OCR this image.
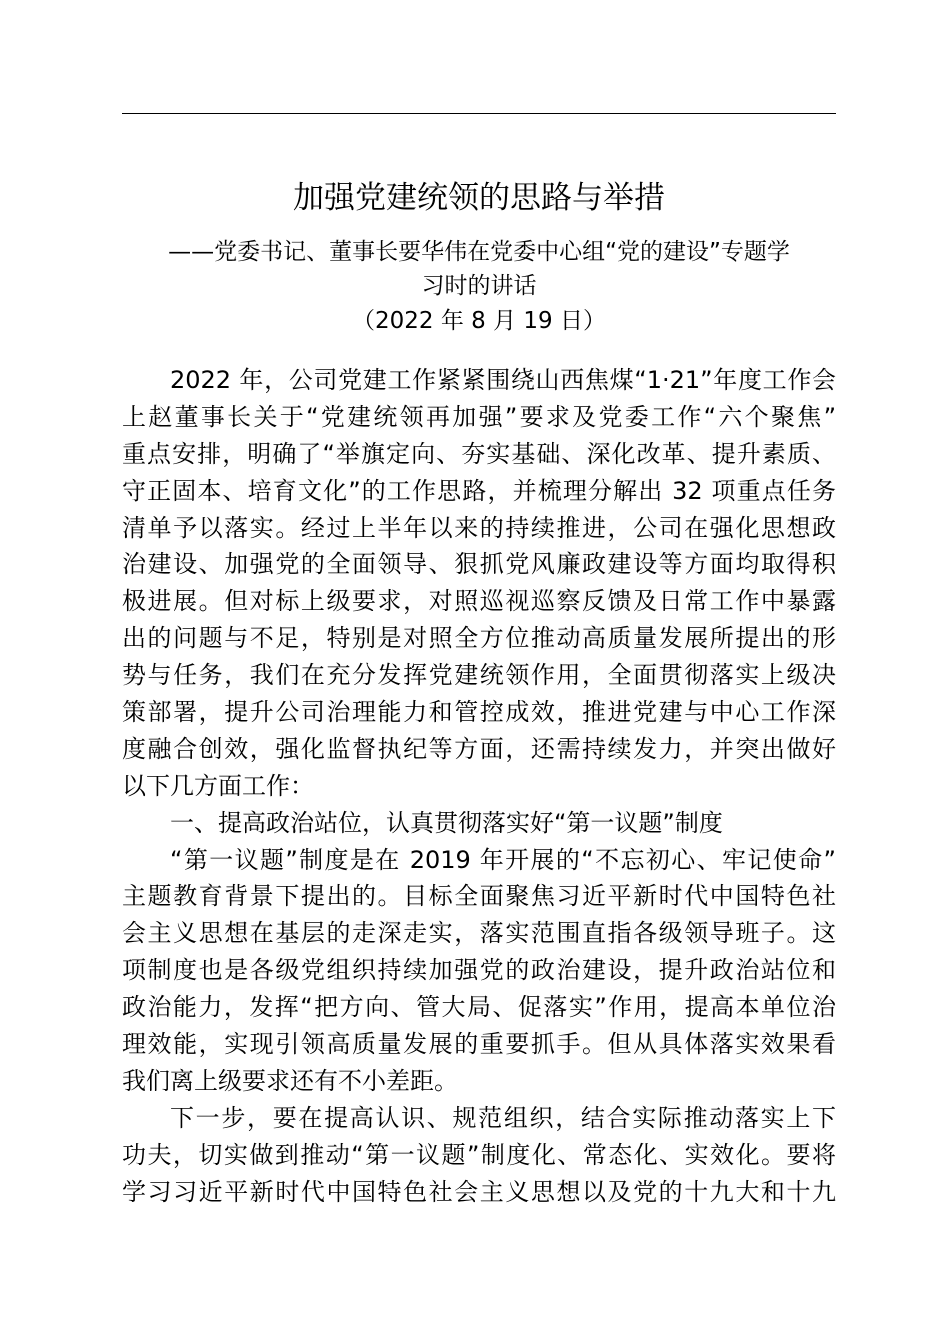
加强党建统领的思路与举措
——党委书记、董事长要华伟在党委中心组“党的建设”专题学
习时的讲话
（2022 年 8 月 19 日）
2022 年，公司党建工作紧紧围绕山西焦煤“1·21”年度工作会
上赵董事长关于“党建统领再加强”要求及党委工作“六个聚焦”
重点安排，明确了“举旗定向、夯实基础、深化改革、提升素质、
守正固本、培育文化”的工作思路，并梳理分解出 32 项重点任务
清单予以落实。经过上半年以来的持续推进，公司在强化思想政
治建设、加强党的全面领导、狠抓党风廉政建设等方面均取得积
极进展。但对标上级要求，对照巡视巡察反馈及日常工作中暴露
出的问题与不足，特别是对照全方位推动高质量发展所提出的形
势与任务，我们在充分发挥党建统领作用，全面贯彻落实上级决
策部署，提升公司治理能力和管控成效，推进党建与中心工作深
度融合创效，强化监督执纪等方面，还需持续发力，并突出做好
以下几方面工作：
一、提高政治站位，认真贯彻落实好“第一议题”制度
“第一议题”制度是在 2019 年开展的“不忘初心、牢记使命”
主题教育背景下提出的。目标全面聚焦习近平新时代中国特色社
会主义思想在基层的走深走实，落实范围直指各级领导班子。这
项制度也是各级党组织持续加强党的政治建设，提升政治站位和
政治能力，发挥“把方向、管大局、促落实”作用，提高本单位治
理效能，实现引领高质量发展的重要抓手。但从具体落实效果看
我们离上级要求还有不小差距。
下一步，要在提高认识、规范组织，结合实际推动落实上下
功夫，切实做到推动“第一议题”制度化、常态化、实效化。要将
学习习近平新时代中国特色社会主义思想以及党的十九大和十九
